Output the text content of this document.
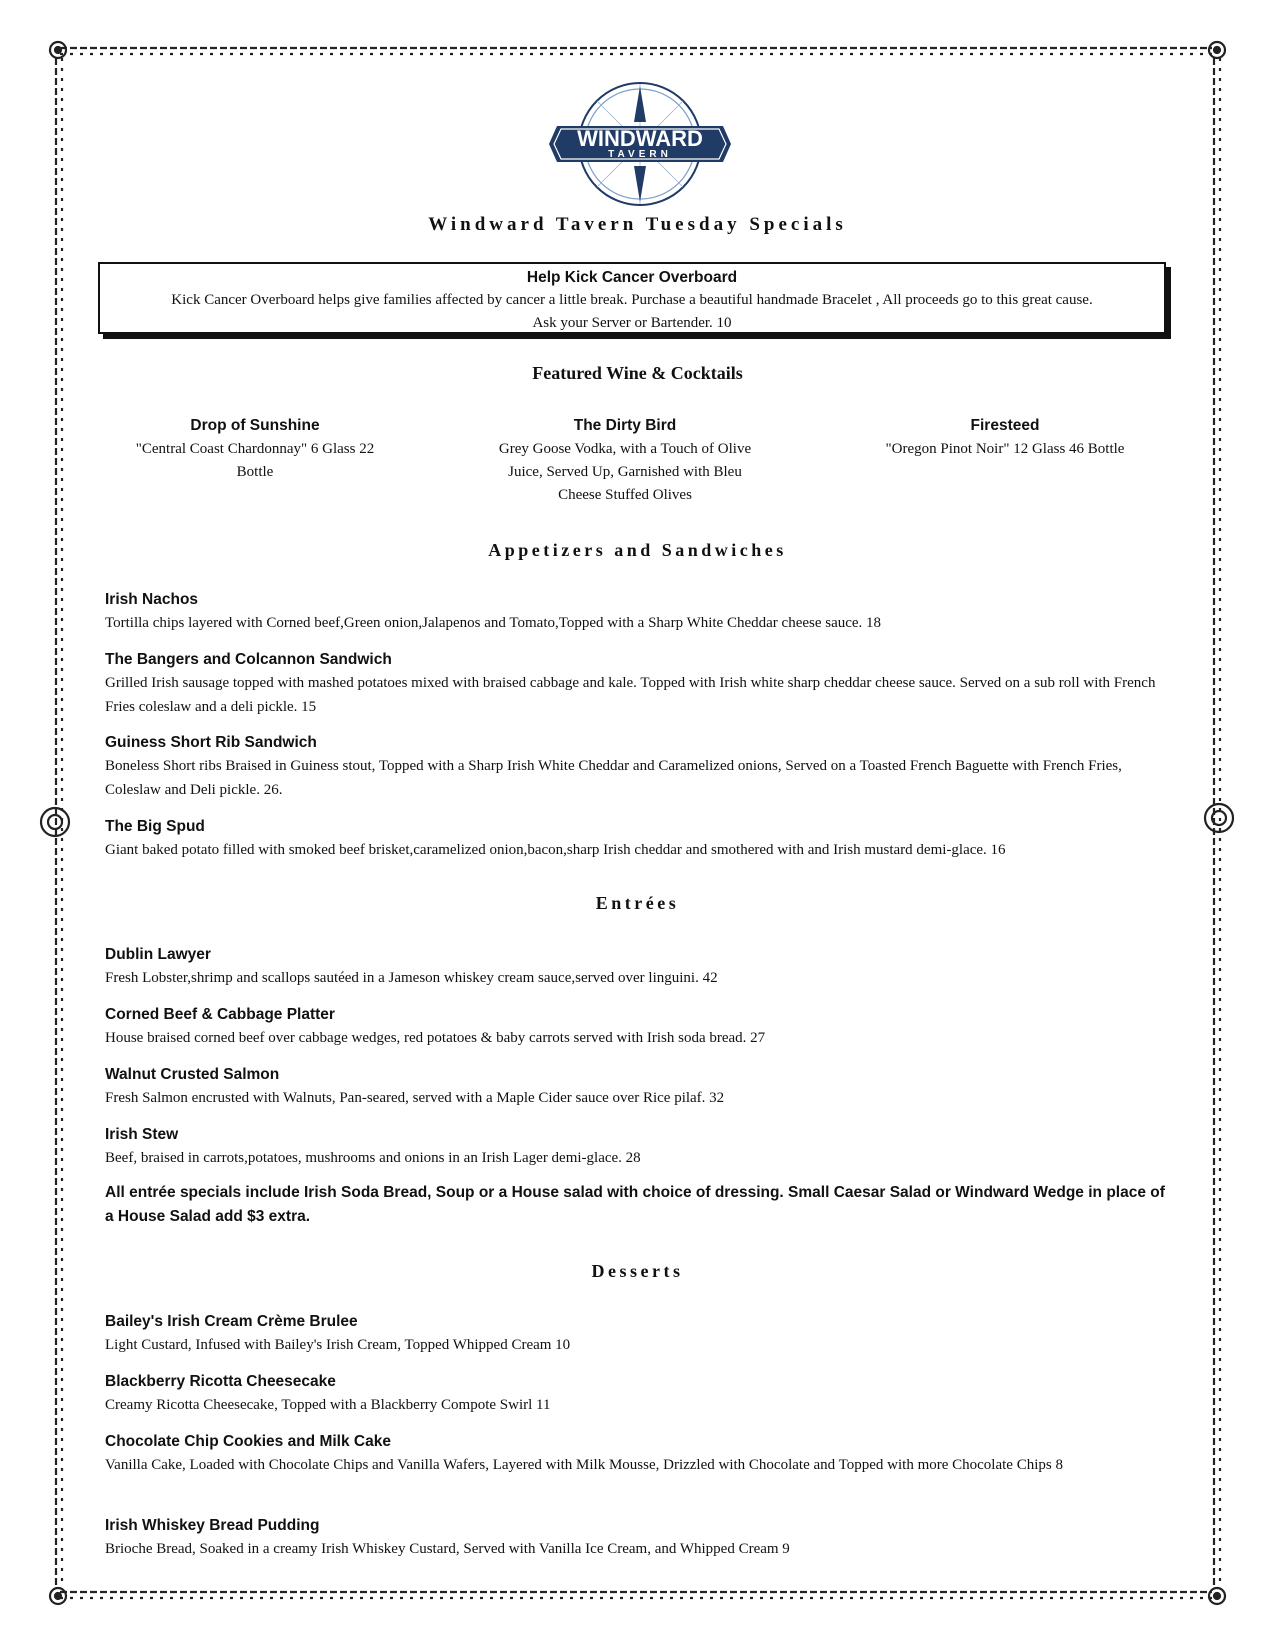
WINDWARD
TAVERN
Windward Tavern Tuesday Specials
Help Kick Cancer Overboard
Kick Cancer Overboard helps give families affected by cancer a little break. Purchase a beautiful handmade Bracelet , All proceeds go to this great cause.
Ask your Server or Bartender. 10
Featured Wine & Cocktails
Drop of Sunshine
"Central Coast Chardonnay" 6 Glass 22
Bottle
The Dirty Bird
Grey Goose Vodka, with a Touch of Olive
Juice, Served Up, Garnished with Bleu
Cheese Stuffed Olives
Firesteed
"Oregon Pinot Noir" 12 Glass 46 Bottle
Appetizers and Sandwiches
Irish Nachos
Tortilla chips layered with Corned beef,Green onion,Jalapenos and Tomato,Topped with a Sharp White Cheddar cheese sauce. 18
The Bangers and Colcannon Sandwich
Grilled Irish sausage topped with mashed potatoes mixed with braised cabbage and kale. Topped with Irish white sharp cheddar cheese sauce. Served on a sub roll with French Fries coleslaw and a deli pickle. 15
Guiness Short Rib Sandwich
Boneless Short ribs Braised in Guiness stout, Topped with a Sharp Irish White Cheddar and Caramelized onions, Served on a Toasted French Baguette with French Fries, Coleslaw and Deli pickle. 26.
The Big Spud
Giant baked potato filled with smoked beef brisket,caramelized onion,bacon,sharp Irish cheddar and smothered with and Irish mustard demi-glace. 16
Entrées
Dublin Lawyer
Fresh Lobster,shrimp and scallops sautéed in a Jameson whiskey cream sauce,served over linguini. 42
Corned Beef & Cabbage Platter
House braised corned beef over cabbage wedges, red potatoes & baby carrots served with Irish soda bread. 27
Walnut Crusted Salmon
Fresh Salmon encrusted with Walnuts, Pan-seared, served with a Maple Cider sauce over Rice pilaf. 32
Irish Stew
Beef, braised in carrots,potatoes, mushrooms and onions in an Irish Lager demi-glace. 28
All entrée specials include Irish Soda Bread, Soup or a House salad with choice of dressing. Small Caesar Salad or Windward Wedge in place of a House Salad add $3 extra.
Desserts
Bailey's Irish Cream Crème Brulee
Light Custard, Infused with Bailey's Irish Cream, Topped Whipped Cream 10
Blackberry Ricotta Cheesecake
Creamy Ricotta Cheesecake, Topped with a Blackberry Compote Swirl 11
Chocolate Chip Cookies and Milk Cake
Vanilla Cake, Loaded with Chocolate Chips and Vanilla Wafers, Layered with Milk Mousse, Drizzled with Chocolate and Topped with more Chocolate Chips 8
Irish Whiskey Bread Pudding
Brioche Bread, Soaked in a creamy Irish Whiskey Custard, Served with Vanilla Ice Cream, and Whipped Cream 9
